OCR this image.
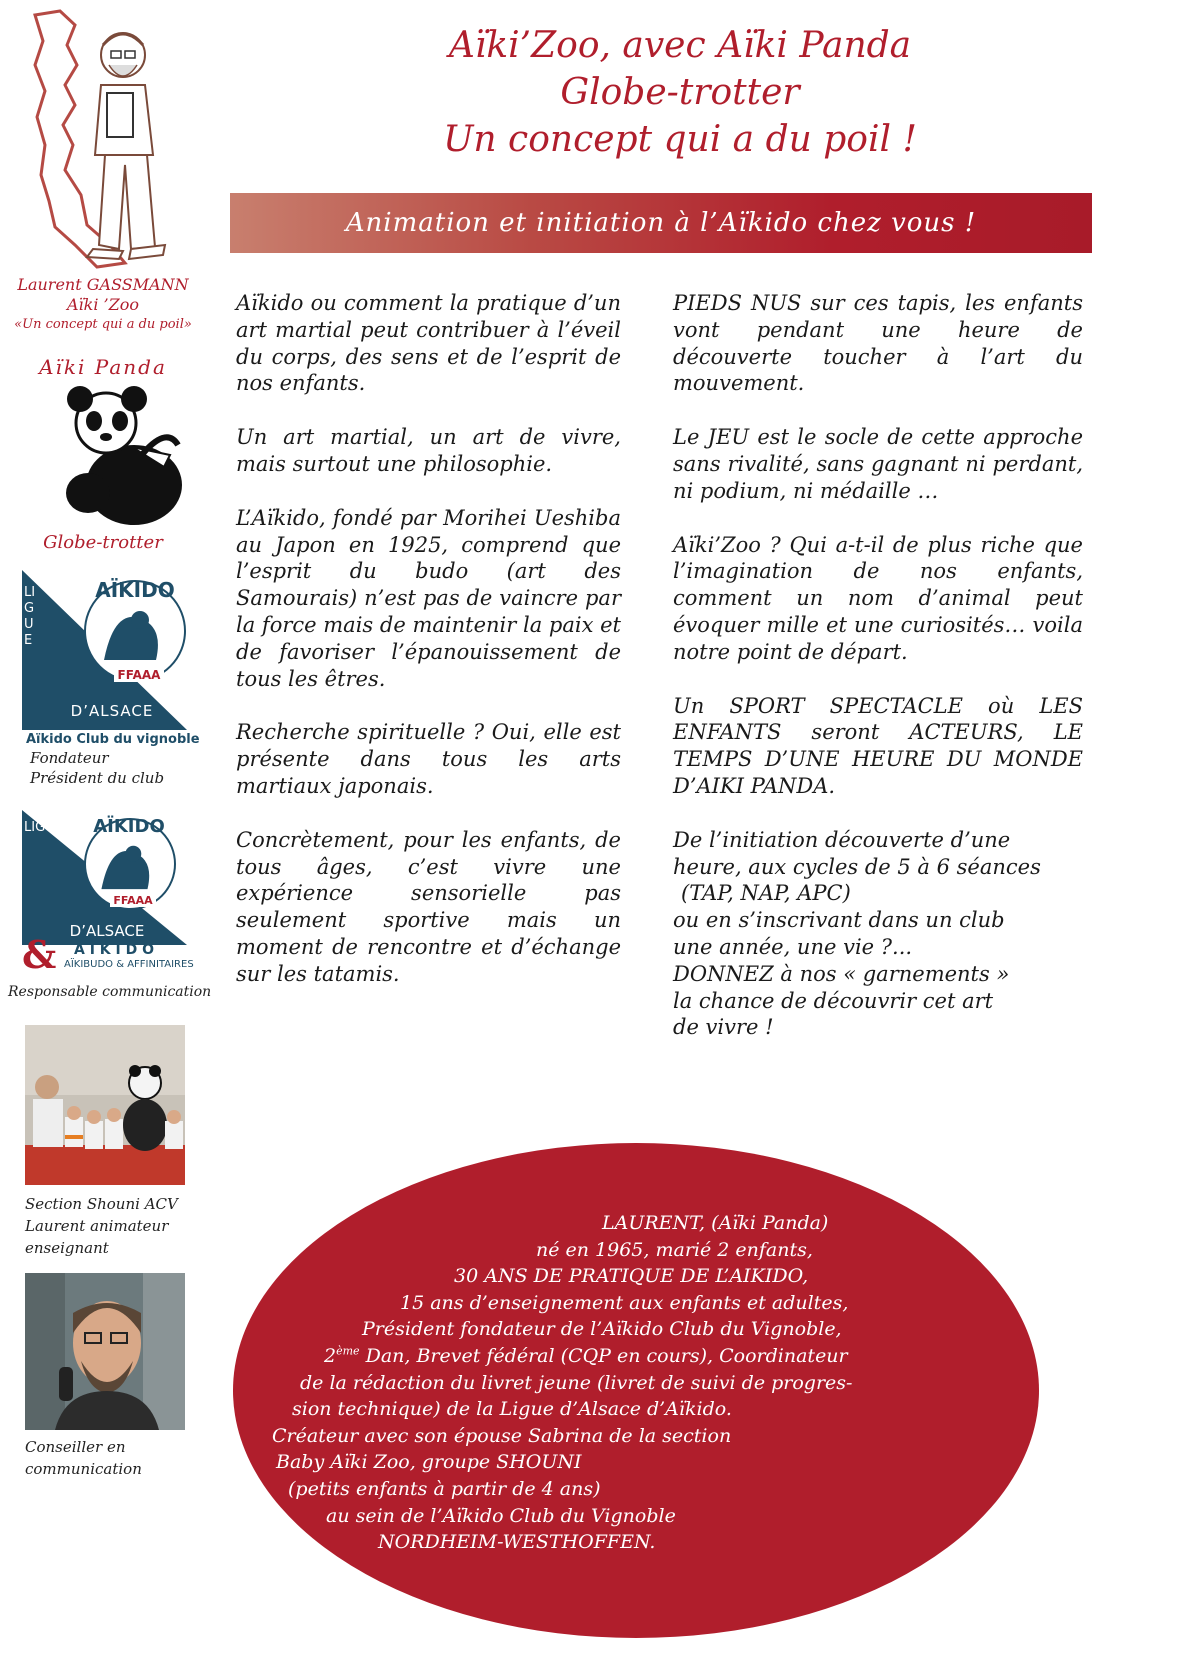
Aïki’Zoo, avec Aïki Panda
Globe-trotter
Un concept qui a du poil !
Animation et initiation à l’Aïkido chez vous !
Laurent GASSMANN
Aïki ’Zoo
«Un concept qui a du poil»
Aïki Panda
Globe-trotter
LIGUE
AÏKIDO
FFAAA
D’ALSACE
Aïkido Club du vignoble
Fondateur
Président du club
LIGUE	AÏKIDO
FFAAA
D’ALSACE
& A Ï K I D O
AÏKIBUDO & AFFINITAIRES
Responsable communication
Section Shouni ACV
Laurent animateur
enseignant
Conseiller en
communication

Aïkido ou comment la pratique d’un art martial peut contribuer à l’éveil du corps, des sens et de l’esprit de nos enfants.

Un art martial, un art de vivre, mais surtout une philosophie.

L’Aïkido, fondé par Morihei Ueshiba au Japon en 1925, comprend que l’esprit du budo (art des Samourais) n’est pas de vaincre par la force mais de maintenir la paix et de favoriser l’épanouissement de tous les êtres.

Recherche spirituelle ? Oui, elle est présente dans tous les arts martiaux japonais.

Concrètement, pour les enfants, de tous âges, c’est vivre une expérience sensorielle pas seulement sportive mais un moment de rencontre et d’échange sur les tatamis.

PIEDS NUS sur ces tapis, les enfants vont pendant une heure de découverte toucher à l’art du mouvement.

Le JEU est le socle de cette approche sans rivalité, sans gagnant ni perdant, ni podium, ni médaille …

Aïki’Zoo ? Qui a-t-il de plus riche que l’imagination de nos enfants, comment un nom d’animal peut évoquer mille et une curiosités… voila notre point de départ.

Un SPORT SPECTACLE où LES ENFANTS seront ACTEURS, LE TEMPS D’UNE HEURE DU MONDE D’AIKI PANDA.

De l’initiation découverte d’une
heure, aux cycles de 5 à 6 séances
(TAP, NAP, APC)
ou en s’inscrivant dans un club
une année, une vie ?...
DONNEZ à nos « garnements »
la chance de découvrir cet art
de vivre !
LAURENT, (Aïki Panda)
né en 1965, marié 2 enfants,
30 ANS DE PRATIQUE DE L’AIKIDO,
15 ans d’enseignement aux enfants et adultes,
Président fondateur de l’Aïkido Club du Vignoble,
2ème Dan, Brevet fédéral (CQP en cours), Coordinateur
de la rédaction du livret jeune (livret de suivi de progres-
sion technique) de la Ligue d’Alsace d’Aïkido.
Créateur avec son épouse Sabrina de la section
Baby Aïki Zoo, groupe SHOUNI
(petits enfants à partir de 4 ans)
au sein de l’Aïkido Club du Vignoble
NORDHEIM-WESTHOFFEN.
